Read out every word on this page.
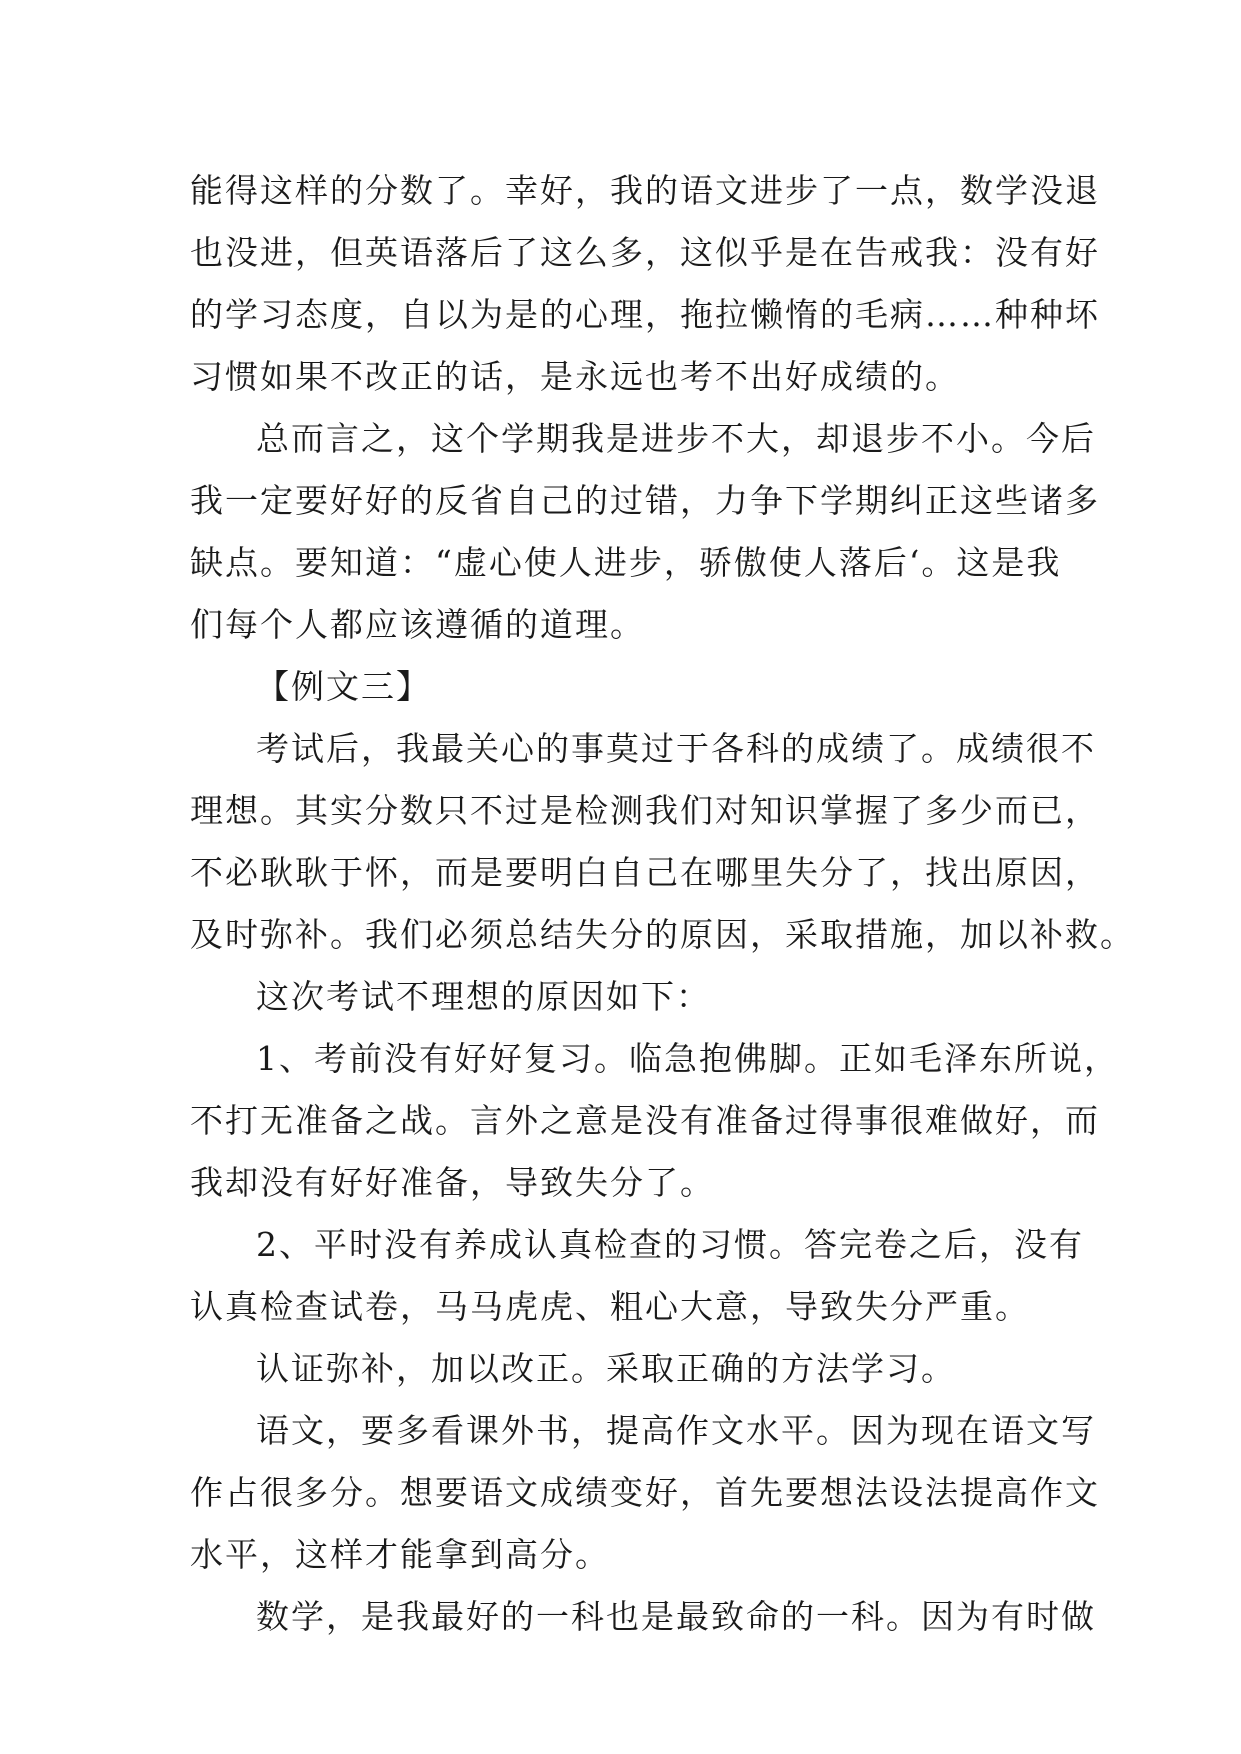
能得这样的分数了。幸好，我的语文进步了一点，数学没退

也没进，但英语落后了这么多，这似乎是在告戒我：没有好

的学习态度，自以为是的心理，拖拉懒惰的毛病……种种坏

习惯如果不改正的话，是永远也考不出好成绩的。

总而言之，这个学期我是进步不大，却退步不小。今后

我一定要好好的反省自己的过错，力争下学期纠正这些诸多

缺点。要知道：“虚心使人进步，骄傲使人落后‘。这是我

们每个人都应该遵循的道理。

【例文三】

考试后，我最关心的事莫过于各科的成绩了。成绩很不

理想。其实分数只不过是检测我们对知识掌握了多少而已，

不必耿耿于怀，而是要明白自己在哪里失分了，找出原因，

及时弥补。我们必须总结失分的原因，采取措施，加以补救。

这次考试不理想的原因如下：

1、考前没有好好复习。临急抱佛脚。正如毛泽东所说，

不打无准备之战。言外之意是没有准备过得事很难做好，而

我却没有好好准备，导致失分了。

2、平时没有养成认真检查的习惯。答完卷之后，没有

认真检查试卷，马马虎虎、粗心大意，导致失分严重。

认证弥补，加以改正。采取正确的方法学习。

语文，要多看课外书，提高作文水平。因为现在语文写

作占很多分。想要语文成绩变好，首先要想法设法提高作文

水平，这样才能拿到高分。

数学，是我最好的一科也是最致命的一科。因为有时做
